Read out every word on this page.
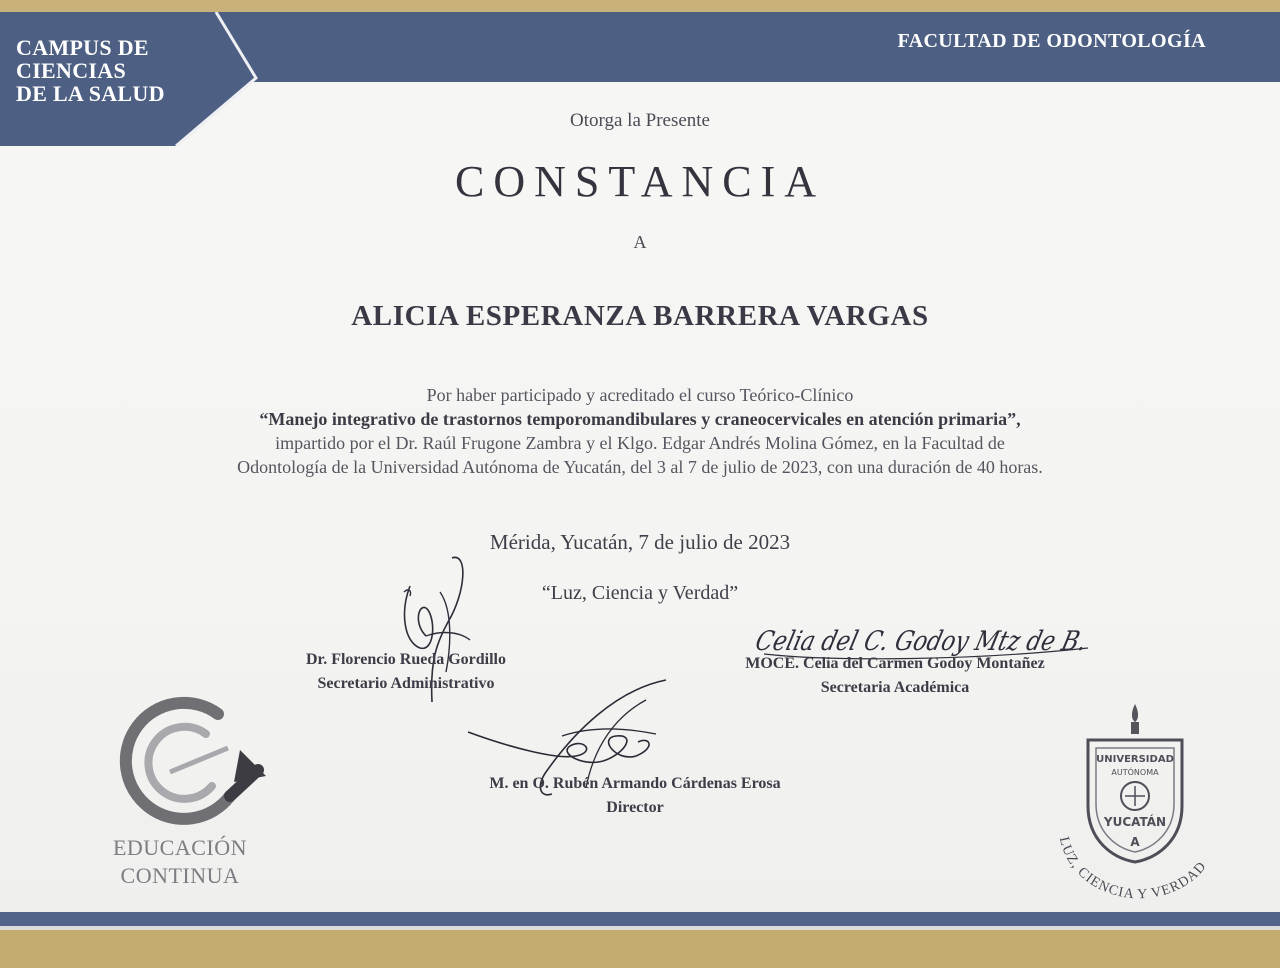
CAMPUS DE
CIENCIAS
DE LA SALUD
FACULTAD DE ODONTOLOGÍA
Otorga la Presente
CONSTANCIA
A
ALICIA ESPERANZA BARRERA VARGAS
Por haber participado y acreditado el curso Teórico-Clínico
“Manejo integrativo de trastornos temporomandibulares y craneocervicales en atención primaria”,
impartido por el Dr. Raúl Frugone Zambra y el Klgo. Edgar Andrés Molina Gómez, en la Facultad de
Odontología de la Universidad Autónoma de Yucatán, del 3 al 7 de julio de 2023, con una duración de 40 horas.
Mérida, Yucatán, 7 de julio de 2023
“Luz, Ciencia y Verdad”
Dr. Florencio Rueda Gordillo
Secretario Administrativo
Celia del C. Godoy Mtz de B.
MOCE. Celia del Carmen Godoy Montañez
Secretaria Académica
M. en O. Rubén Armando Cárdenas Erosa
Director
EDUCACIÓN
CONTINUA
UNIVERSIDAD
AUTÓNOMA
YUCATÁN
A
LUZ, CIENCIA Y VERDAD
